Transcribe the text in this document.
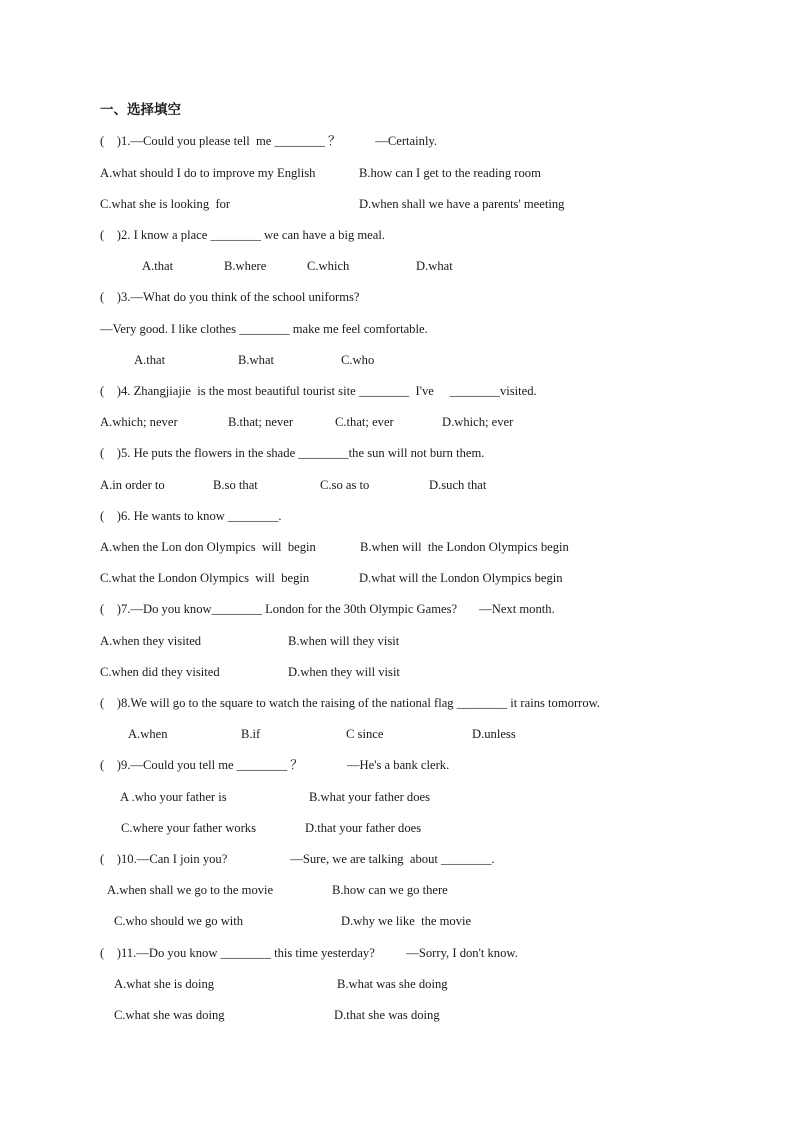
一、选择填空
(    )1.—Could you please tell  me ________ ？           —Certainly.
A.what should I do to improve my English	B.how can I get to the reading room
C.what she is looking  for	D.when shall we have a parents' meeting
(    )2. I know a place ________ we can have a big meal.
A.that	B.where	C.which	D.what
(    )3.—What do you think of the school uniforms?
—Very good. I like clothes ________ make me feel comfortable.
A.that	B.what	C.who
(    )4. Zhangjiajie  is the most beautiful tourist site ________  I've     ________visited.
A.which; never	B.that; never	C.that; ever	D.which; ever
(    )5. He puts the flowers in the shade ________the sun will not burn them.
A.in order to	B.so that	C.so as to	D.such that
(    )6. He wants to know ________.
A.when the Lon don Olympics  will  begin	B.when will  the London Olympics begin
C.what the London Olympics  will  begin	D.what will the London Olympics begin
(    )7.—Do you know________ London for the 30th Olympic Games?       —Next month.
A.when they visited	B.when will they visit
C.when did they visited	D.when they will visit
(    )8.We will go to the square to watch the raising of the national flag ________ it rains tomorrow.
A.when	B.if	C since	D.unless
(    )9.—Could you tell me ________ ？              —He's a bank clerk.
A .who your father is	B.what your father does
C.where your father works	D.that your father does
(    )10.—Can I join you?                    —Sure, we are talking  about ________.
A.when shall we go to the movie	B.how can we go there
C.who should we go with	D.why we like  the movie
(    )11.—Do you know ________ this time yesterday?          —Sorry, I don't know.
A.what she is doing	B.what was she doing
C.what she was doing	D.that she was doing
